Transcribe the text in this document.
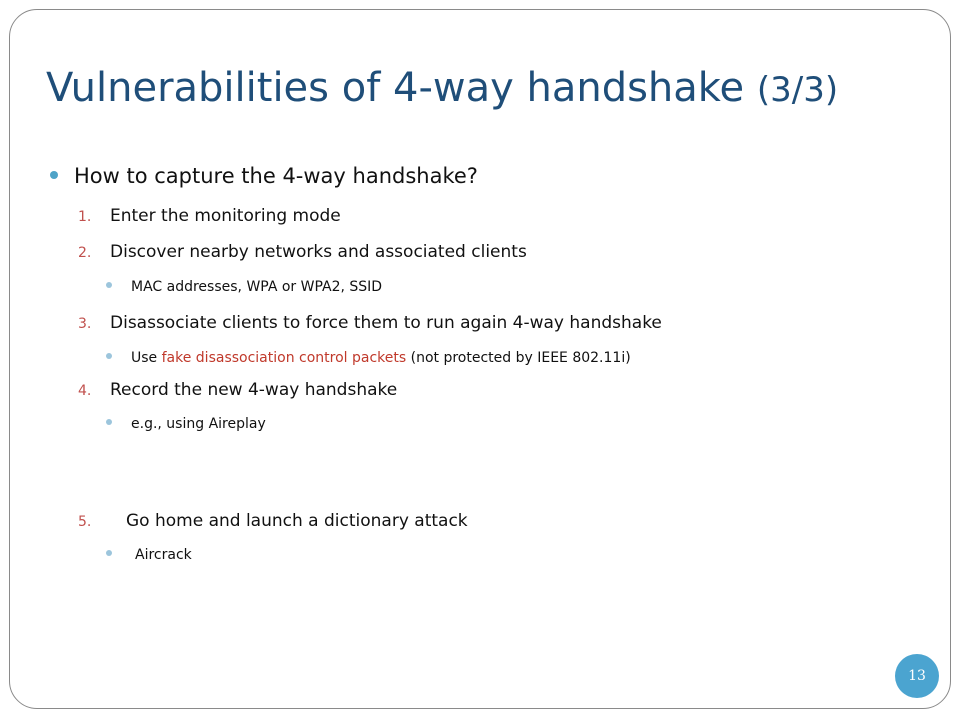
Vulnerabilities of 4-way handshake (3/3)
How to capture the 4-way handshake?
1. Enter the monitoring mode
2. Discover nearby networks and associated clients
MAC addresses, WPA or WPA2, SSID
3. Disassociate clients to force them to run again 4-way handshake
Use fake disassociation control packets (not protected by IEEE 802.11i)
4. Record the new 4-way handshake
e.g., using Aireplay
5. Go home and launch a dictionary attack
Aircrack
13
